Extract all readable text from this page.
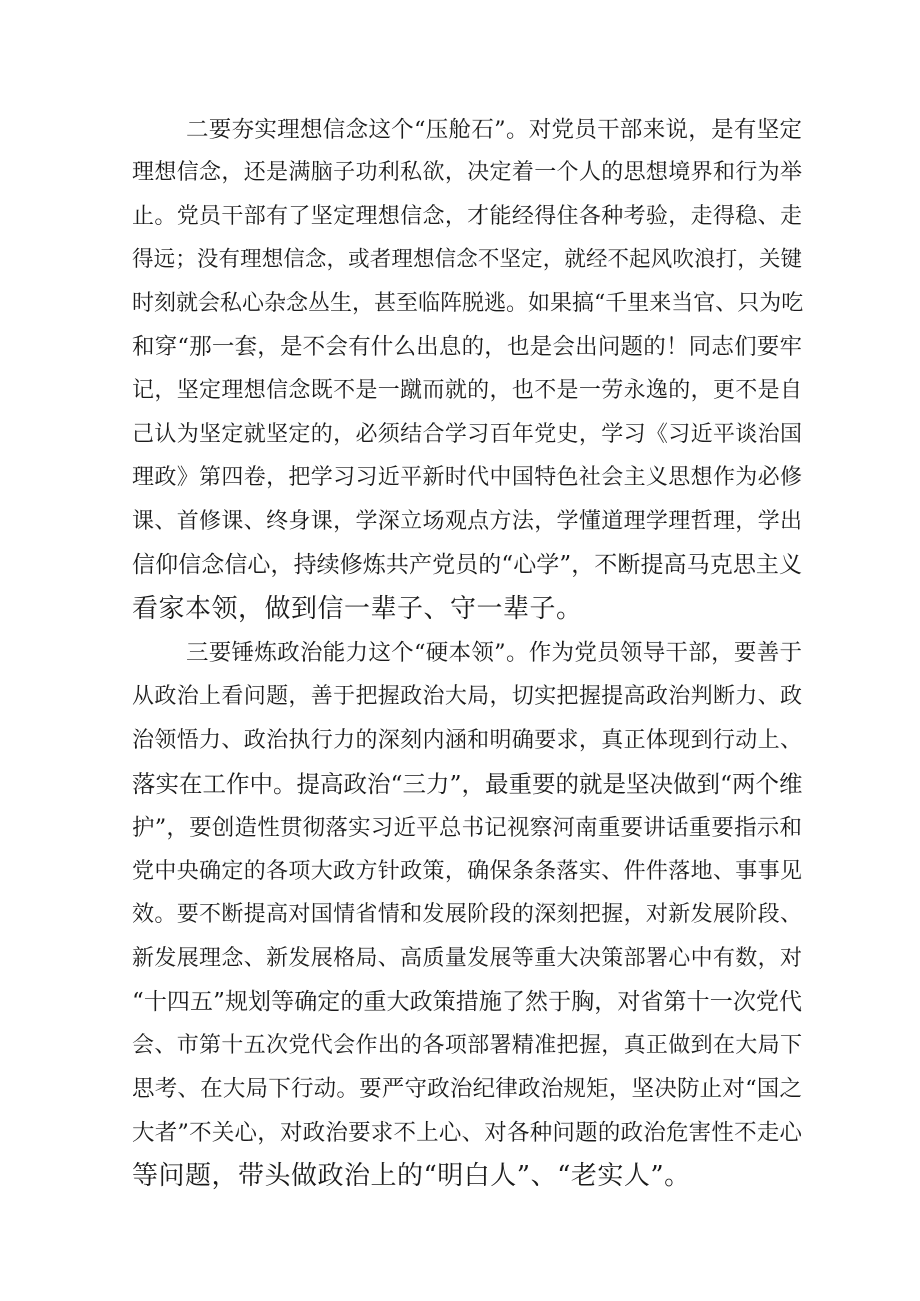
二要夯实理想信念这个“压舱石”。对党员干部来说，是有坚定

理想信念，还是满脑子功利私欲，决定着一个人的思想境界和行为举

止。党员干部有了坚定理想信念，才能经得住各种考验，走得稳、走

得远；没有理想信念，或者理想信念不坚定，就经不起风吹浪打，关键

时刻就会私心杂念丛生，甚至临阵脱逃。如果搞“千里来当官、只为吃

和穿“那一套，是不会有什么出息的，也是会出问题的！同志们要牢

记，坚定理想信念既不是一蹴而就的，也不是一劳永逸的，更不是自

己认为坚定就坚定的，必须结合学习百年党史，学习《习近平谈治国

理政》第四卷，把学习习近平新时代中国特色社会主义思想作为必修

课、首修课、终身课，学深立场观点方法，学懂道理学理哲理，学出

信仰信念信心，持续修炼共产党员的“心学”，不断提高马克思主义

看家本领，做到信一辈子、守一辈子。

三要锤炼政治能力这个“硬本领”。作为党员领导干部，要善于

从政治上看问题，善于把握政治大局，切实把握提高政治判断力、政

治领悟力、政治执行力的深刻内涵和明确要求，真正体现到行动上、

落实在工作中。提高政治“三力”，最重要的就是坚决做到“两个维

护”，要创造性贯彻落实习近平总书记视察河南重要讲话重要指示和

党中央确定的各项大政方针政策，确保条条落实、件件落地、事事见

效。要不断提高对国情省情和发展阶段的深刻把握，对新发展阶段、

新发展理念、新发展格局、高质量发展等重大决策部署心中有数，对

“十四五”规划等确定的重大政策措施了然于胸，对省第十一次党代

会、市第十五次党代会作出的各项部署精准把握，真正做到在大局下

思考、在大局下行动。要严守政治纪律政治规矩，坚决防止对“国之

大者”不关心，对政治要求不上心、对各种问题的政治危害性不走心

等问题，带头做政治上的“明白人”、“老实人”。
